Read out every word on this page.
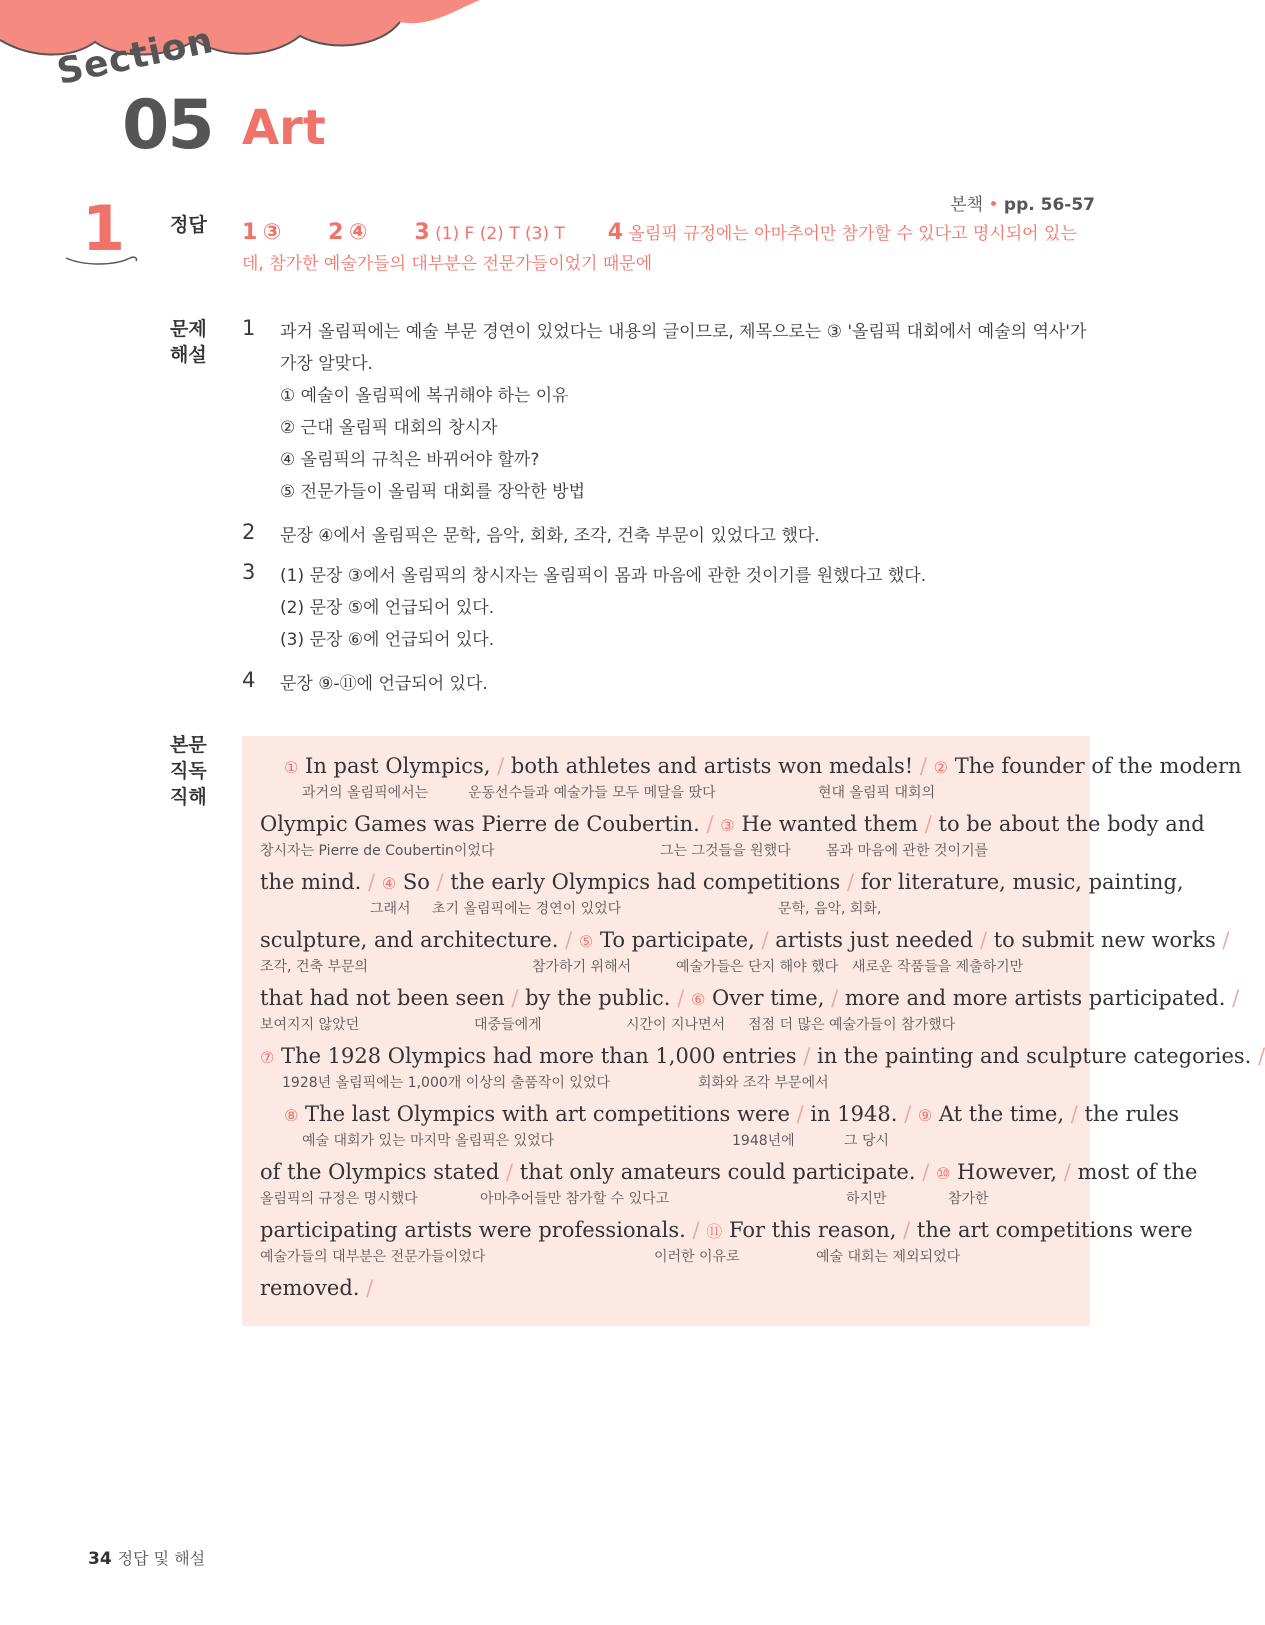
Section
05 Art
1	본책 • pp. 56-57
정답 1 ③ 2 ④ 3 (1) F (2) T (3) T 4 올림픽 규정에는 아마추어만 참가할 수 있다고 명시되어 있는데, 참가한 예술가들의 대부분은 전문가들이었기 때문에
문제
해설
1 과거 올림픽에는 예술 부문 경연이 있었다는 내용의 글이므로, 제목으로는 ③ '올림픽 대회에서 예술의 역사'가 가장 알맞다.
① 예술이 올림픽에 복귀해야 하는 이유
② 근대 올림픽 대회의 창시자
④ 올림픽의 규칙은 바뀌어야 할까?
⑤ 전문가들이 올림픽 대회를 장악한 방법
2 문장 ④에서 올림픽은 문학, 음악, 회화, 조각, 건축 부문이 있었다고 했다.
3 (1) 문장 ③에서 올림픽의 창시자는 올림픽이 몸과 마음에 관한 것이기를 원했다고 했다.
(2) 문장 ⑤에 언급되어 있다.
(3) 문장 ⑥에 언급되어 있다.
4 문장 ⑨-⑪에 언급되어 있다.
본문
직독
직해
① In past Olympics, / both athletes and artists won medals! / ② The founder of the modern
과거의 올림픽에서는	운동선수들과 예술가들 모두 메달을 땄다	현대 올림픽 대회의
Olympic Games was Pierre de Coubertin. / ③ He wanted them / to be about the body and
창시자는 Pierre de Coubertin이었다	그는 그것들을 원했다	몸과 마음에 관한 것이기를
the mind. / ④ So / the early Olympics had competitions / for literature, music, painting,
그래서 초기 올림픽에는 경연이 있었다	문학, 음악, 회화,
sculpture, and architecture. / ⑤ To participate, / artists just needed / to submit new works /
조각, 건축 부문의	참가하기 위해서	예술가들은 단지 해야 했다 새로운 작품들을 제출하기만
that had not been seen / by the public. / ⑥ Over time, / more and more artists participated. /
보여지지 않았던	대중들에게	시간이 지나면서 점점 더 많은 예술가들이 참가했다
⑦ The 1928 Olympics had more than 1,000 entries / in the painting and sculpture categories. /
1928년 올림픽에는 1,000개 이상의 출품작이 있었다	회화와 조각 부문에서
⑧ The last Olympics with art competitions were / in 1948. / ⑨ At the time, / the rules
예술 대회가 있는 마지막 올림픽은 있었다	1948년에	그 당시
of the Olympics stated / that only amateurs could participate. / ⑩ However, / most of the
올림픽의 규정은 명시했다	아마추어들만 참가할 수 있다고	하지만	참가한
participating artists were professionals. / ⑪ For this reason, / the art competitions were
예술가들의 대부분은 전문가들이었다	이러한 이유로	예술 대회는 제외되었다
removed. /
34 정답 및 해설
